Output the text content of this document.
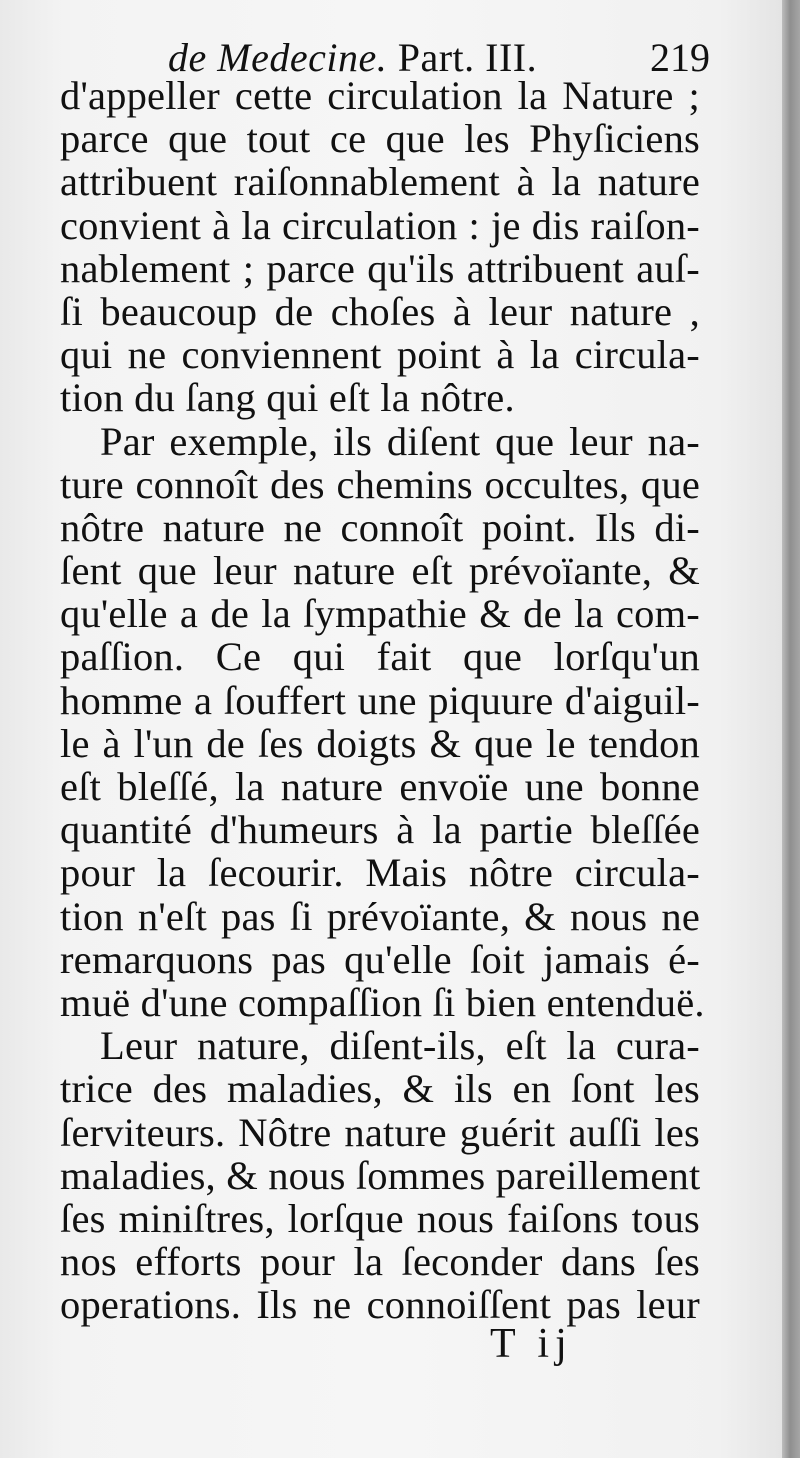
de Medecine. Part. III.	219
d'appeller cette circulation la Nature ;
parce que tout ce que les Phyſiciens
attribuent raiſonnablement à la nature
convient à la circulation : je dis raiſon-
nablement ; parce qu'ils attribuent auſ-
ſi beaucoup de choſes à leur nature ,
qui ne conviennent point à la circula-
tion du ſang qui eſt la nôtre.
Par exemple, ils diſent que leur na-
ture connoît des chemins occultes, que
nôtre nature ne connoît point. Ils di-
ſent que leur nature eſt prévoïante, &
qu'elle a de la ſympathie & de la com-
paſſion. Ce qui fait que lorſqu'un
homme a ſouffert une piquure d'aiguil-
le à l'un de ſes doigts & que le tendon
eſt bleſſé, la nature envoïe une bonne
quantité d'humeurs à la partie bleſſée
pour la ſecourir. Mais nôtre circula-
tion n'eſt pas ſi prévoïante, & nous ne
remarquons pas qu'elle ſoit jamais é-
muë d'une compaſſion ſi bien entenduë.
Leur nature, diſent-ils, eſt la cura-
trice des maladies, & ils en ſont les
ſerviteurs. Nôtre nature guérit auſſi les
maladies, & nous ſommes pareillement
ſes miniſtres, lorſque nous faiſons tous
nos efforts pour la ſeconder dans ſes
operations. Ils ne connoiſſent pas leur
T ij
